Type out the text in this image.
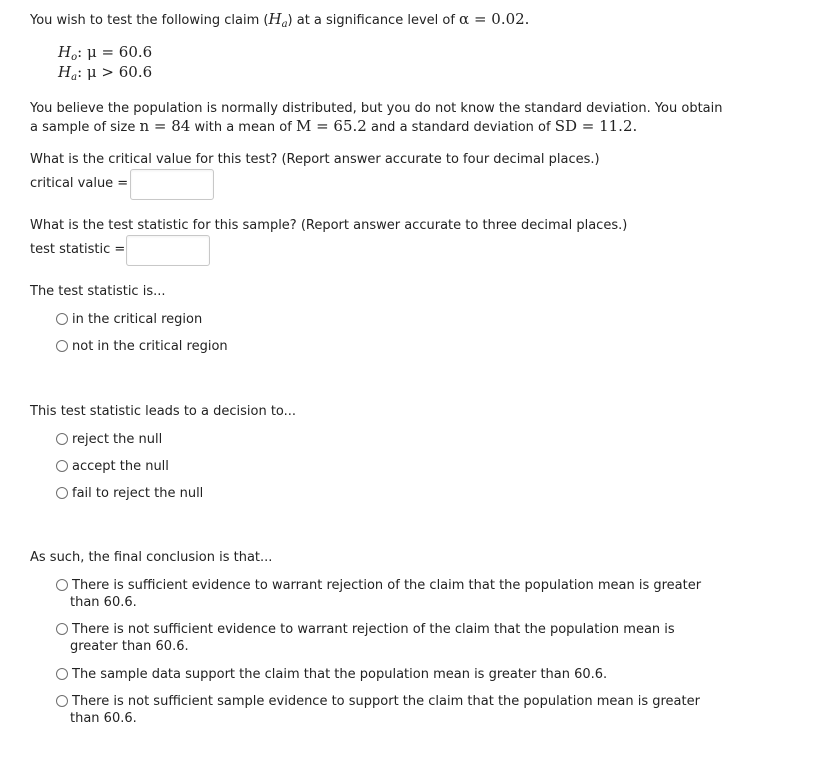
You wish to test the following claim $(H_a)$ at a significance level of α = 0.02.
$H_o$: μ = 60.6
$H_a$: μ > 60.6
You believe the population is normally distributed, but you do not know the standard deviation. You obtain
a sample of size n = 84 with a mean of M = 65.2 and a standard deviation of SD = 11.2.
What is the critical value for this test? (Report answer accurate to four decimal places.)
critical value =
What is the test statistic for this sample? (Report answer accurate to three decimal places.)
test statistic =
The test statistic is...
in the critical region
not in the critical region
This test statistic leads to a decision to...
reject the null
accept the null
fail to reject the null
As such, the final conclusion is that...
There is sufficient evidence to warrant rejection of the claim that the population mean is greater than 60.6.
There is not sufficient evidence to warrant rejection of the claim that the population mean is greater than 60.6.
The sample data support the claim that the population mean is greater than 60.6.
There is not sufficient sample evidence to support the claim that the population mean is greater than 60.6.
